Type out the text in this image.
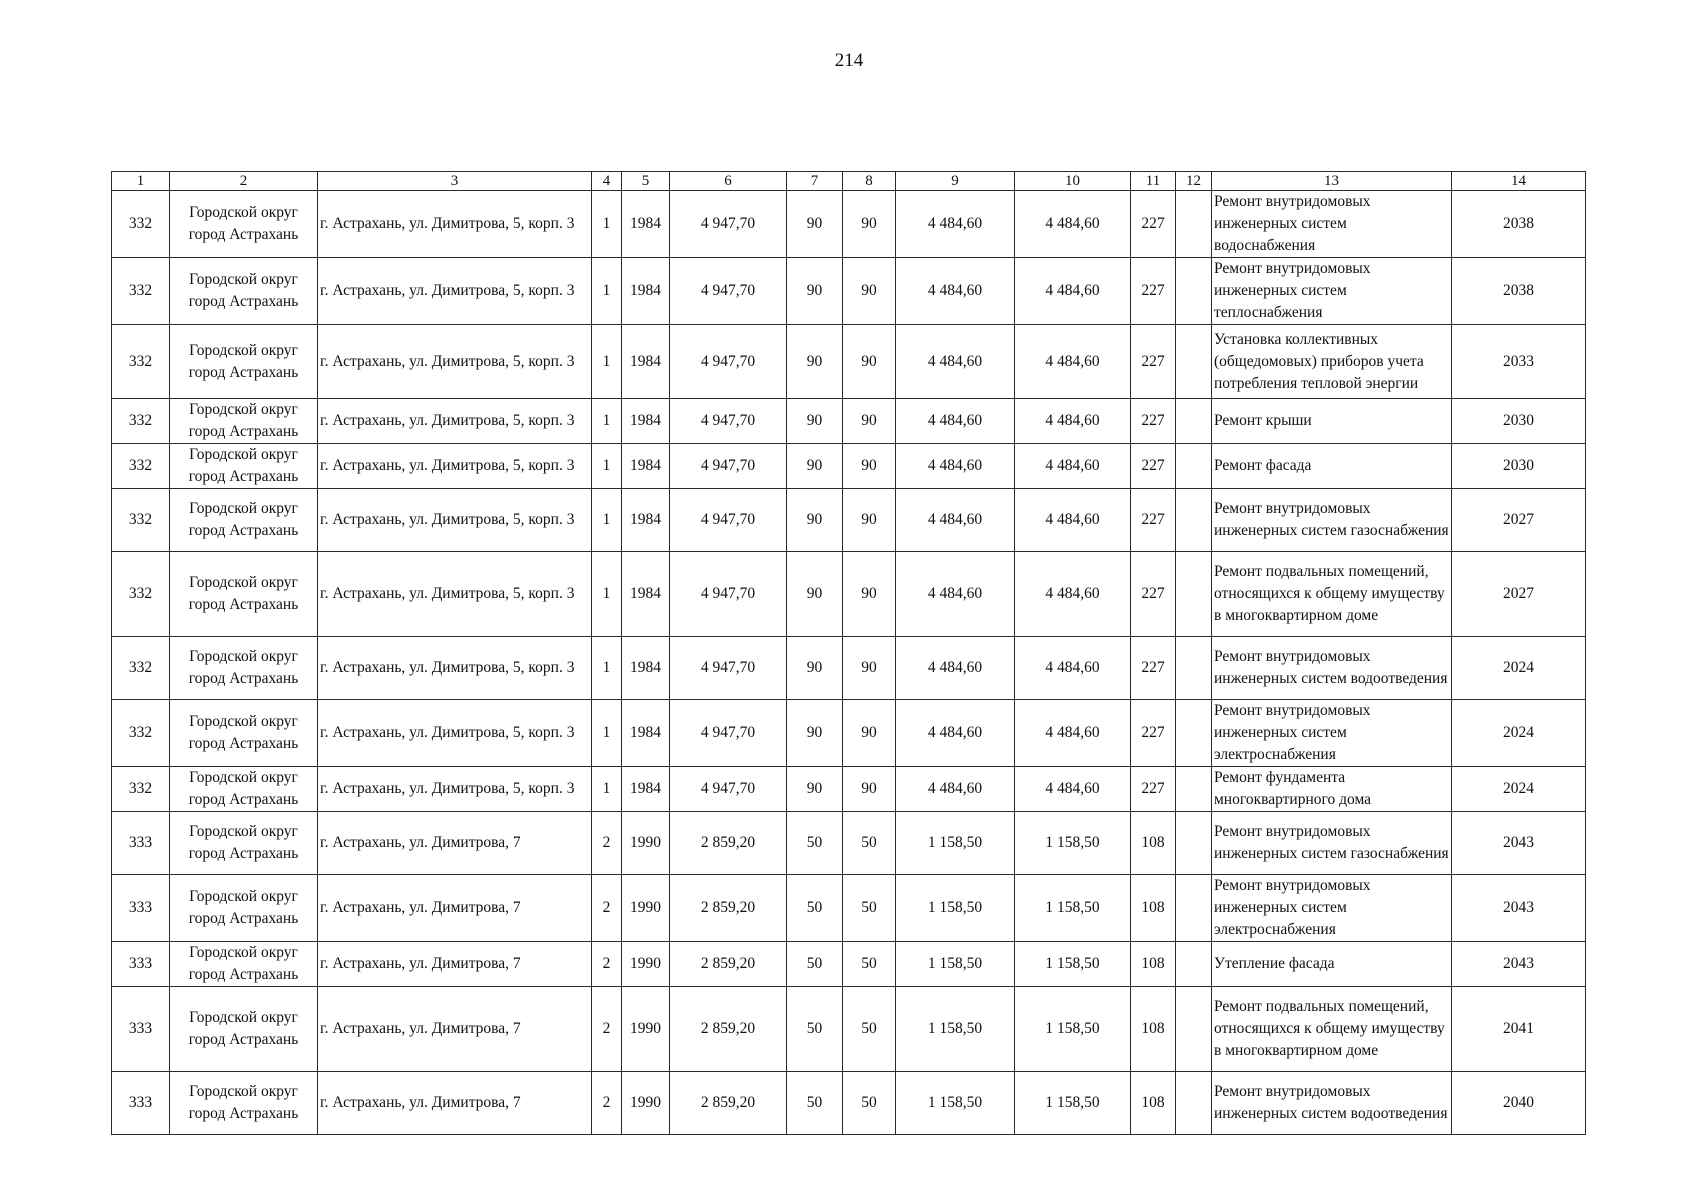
214
1	2	3	4	5	6	7	8	9	10	11	12	13	14
332	Городской округ город Астрахань	г. Астрахань, ул. Димитрова, 5, корп. 3	1	1984	4 947,70	90	90	4 484,60	4 484,60	227		Ремонт внутридомовых инженерных систем водоснабжения	2038
332	Городской округ город Астрахань	г. Астрахань, ул. Димитрова, 5, корп. 3	1	1984	4 947,70	90	90	4 484,60	4 484,60	227		Ремонт внутридомовых инженерных систем теплоснабжения	2038
332	Городской округ город Астрахань	г. Астрахань, ул. Димитрова, 5, корп. 3	1	1984	4 947,70	90	90	4 484,60	4 484,60	227		Установка коллективных (общедомовых) приборов учета потребления тепловой энергии	2033
332	Городской округ город Астрахань	г. Астрахань, ул. Димитрова, 5, корп. 3	1	1984	4 947,70	90	90	4 484,60	4 484,60	227		Ремонт крыши	2030
332	Городской округ город Астрахань	г. Астрахань, ул. Димитрова, 5, корп. 3	1	1984	4 947,70	90	90	4 484,60	4 484,60	227		Ремонт фасада	2030
332	Городской округ город Астрахань	г. Астрахань, ул. Димитрова, 5, корп. 3	1	1984	4 947,70	90	90	4 484,60	4 484,60	227		Ремонт внутридомовых инженерных систем газоснабжения	2027
332	Городской округ город Астрахань	г. Астрахань, ул. Димитрова, 5, корп. 3	1	1984	4 947,70	90	90	4 484,60	4 484,60	227		Ремонт подвальных помещений, относящихся к общему имуществу в многоквартирном доме	2027
332	Городской округ город Астрахань	г. Астрахань, ул. Димитрова, 5, корп. 3	1	1984	4 947,70	90	90	4 484,60	4 484,60	227		Ремонт внутридомовых инженерных систем водоотведения	2024
332	Городской округ город Астрахань	г. Астрахань, ул. Димитрова, 5, корп. 3	1	1984	4 947,70	90	90	4 484,60	4 484,60	227		Ремонт внутридомовых инженерных систем электроснабжения	2024
332	Городской округ город Астрахань	г. Астрахань, ул. Димитрова, 5, корп. 3	1	1984	4 947,70	90	90	4 484,60	4 484,60	227		Ремонт фундамента многоквартирного дома	2024
333	Городской округ город Астрахань	г. Астрахань, ул. Димитрова, 7	2	1990	2 859,20	50	50	1 158,50	1 158,50	108		Ремонт внутридомовых инженерных систем газоснабжения	2043
333	Городской округ город Астрахань	г. Астрахань, ул. Димитрова, 7	2	1990	2 859,20	50	50	1 158,50	1 158,50	108		Ремонт внутридомовых инженерных систем электроснабжения	2043
333	Городской округ город Астрахань	г. Астрахань, ул. Димитрова, 7	2	1990	2 859,20	50	50	1 158,50	1 158,50	108		Утепление фасада	2043
333	Городской округ город Астрахань	г. Астрахань, ул. Димитрова, 7	2	1990	2 859,20	50	50	1 158,50	1 158,50	108		Ремонт подвальных помещений, относящихся к общему имуществу в многоквартирном доме	2041
333	Городской округ город Астрахань	г. Астрахань, ул. Димитрова, 7	2	1990	2 859,20	50	50	1 158,50	1 158,50	108		Ремонт внутридомовых инженерных систем водоотведения	2040
